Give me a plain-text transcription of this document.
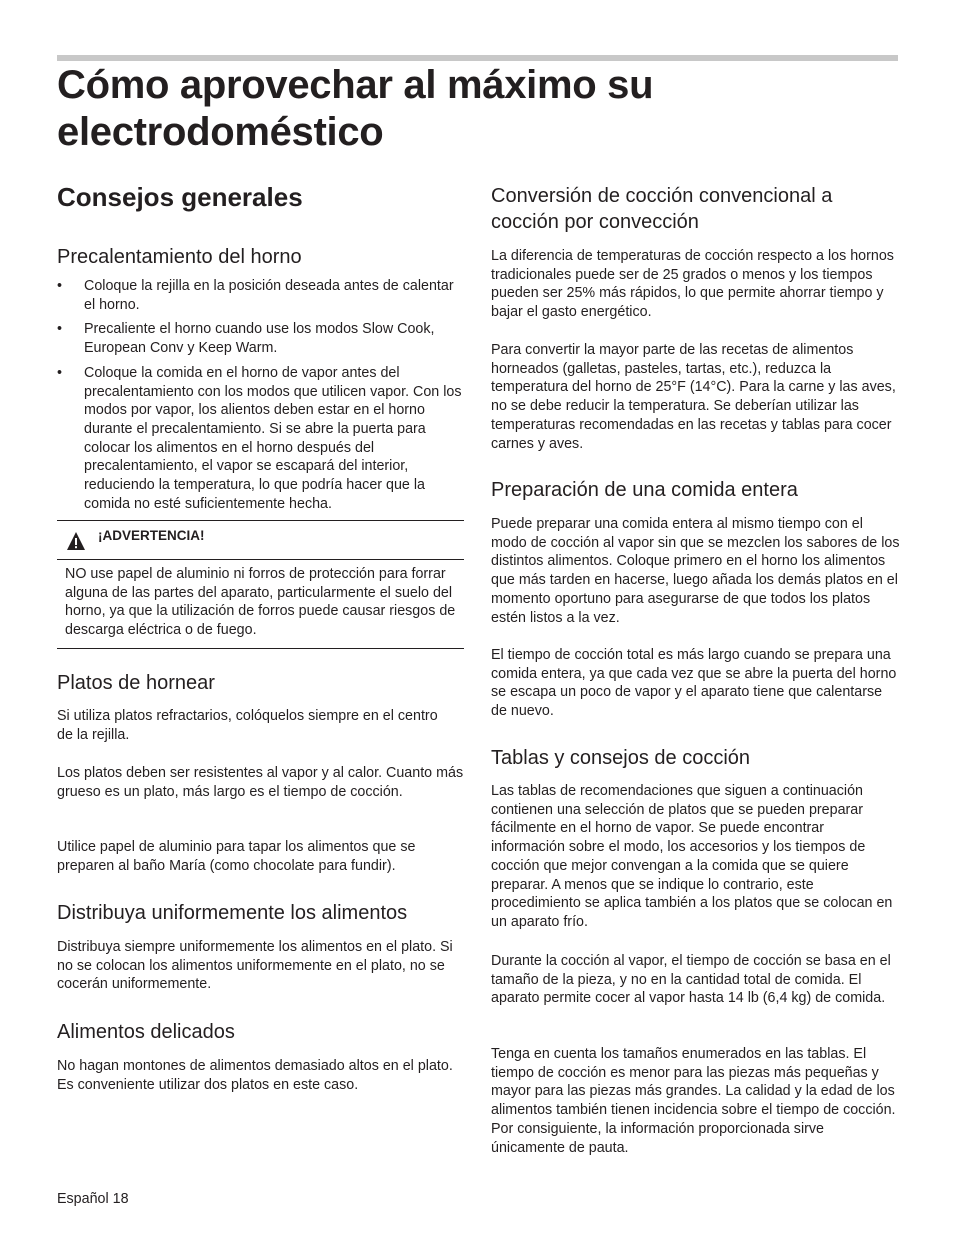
Cómo aprovechar al máximo su electrodoméstico
Consejos generales
Precalentamiento del horno
• Coloque la rejilla en la posición deseada antes de calentar el horno.
• Precaliente el horno cuando use los modos Slow Cook, European Conv y Keep Warm.
• Coloque la comida en el horno de vapor antes del precalentamiento con los modos que utilicen vapor. Con los modos por vapor, los alientos deben estar en el horno durante el precalentamiento. Si se abre la puerta para colocar los alimentos en el horno después del precalentamiento, el vapor se escapará del interior, reduciendo la temperatura, lo que podría hacer que la comida no esté suficientemente hecha.
¡ADVERTENCIA!

NO use papel de aluminio ni forros de protección para forrar alguna de las partes del aparato, particularmente el suelo del horno, ya que la utilización de forros puede causar riesgos de descarga eléctrica o de fuego.

Platos de hornear

Si utiliza platos refractarios, colóquelos siempre en el centro de la rejilla.

Los platos deben ser resistentes al vapor y al calor. Cuanto más grueso es un plato, más largo es el tiempo de cocción.

Utilice papel de aluminio para tapar los alimentos que se preparen al baño María (como chocolate para fundir).

Distribuya uniformemente los alimentos

Distribuya siempre uniformemente los alimentos en el plato. Si no se colocan los alimentos uniformemente en el plato, no se cocerán uniformemente.

Alimentos delicados

No hagan montones de alimentos demasiado altos en el plato. Es conveniente utilizar dos platos en este caso.

Conversión de cocción convencional a cocción por convección

La diferencia de temperaturas de cocción respecto a los hornos tradicionales puede ser de 25 grados o menos y los tiempos pueden ser 25% más rápidos, lo que permite ahorrar tiempo y bajar el gasto energético.

Para convertir la mayor parte de las recetas de alimentos horneados (galletas, pasteles, tartas, etc.), reduzca la temperatura del horno de 25°F (14°C). Para la carne y las aves, no se debe reducir la temperatura. Se deberían utilizar las temperaturas recomendadas en las recetas y tablas para cocer carnes y aves.

Preparación de una comida entera

Puede preparar una comida entera al mismo tiempo con el modo de cocción al vapor sin que se mezclen los sabores de los distintos alimentos. Coloque primero en el horno los alimentos que más tarden en hacerse, luego añada los demás platos en el momento oportuno para asegurarse de que todos los platos estén listos a la vez.

El tiempo de cocción total es más largo cuando se prepara una comida entera, ya que cada vez que se abre la puerta del horno se escapa un poco de vapor y el aparato tiene que calentarse de nuevo.

Tablas y consejos de cocción

Las tablas de recomendaciones que siguen a continuación contienen una selección de platos que se pueden preparar fácilmente en el horno de vapor. Se puede encontrar información sobre el modo, los accesorios y los tiempos de cocción que mejor convengan a la comida que se quiere preparar. A menos que se indique lo contrario, este procedimiento se aplica también a los platos que se colocan en un aparato frío.

Durante la cocción al vapor, el tiempo de cocción se basa en el tamaño de la pieza, y no en la cantidad total de comida. El aparato permite cocer al vapor hasta 14 lb (6,4 kg) de comida.

Tenga en cuenta los tamaños enumerados en las tablas. El tiempo de cocción es menor para las piezas más pequeñas y mayor para las piezas más grandes. La calidad y la edad de los alimentos también tienen incidencia sobre el tiempo de cocción. Por consiguiente, la información proporcionada sirve únicamente de pauta.

Español 18
